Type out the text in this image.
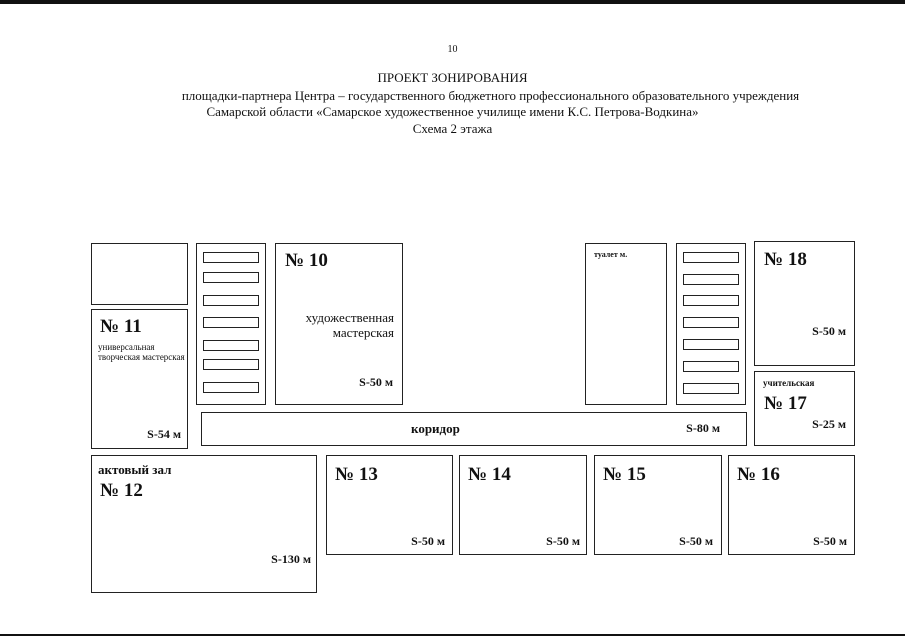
10
ПРОЕКТ ЗОНИРОВАНИЯ
площадки-партнера Центра – государственного бюджетного профессионального образовательного учреждения
Самарской области «Самарское художественное училище имени К.С. Петрова-Водкина»
Схема 2 этажа
№ 11
универсальная творческая мастерская
S-54 м
№ 10
художественная мастерская
S-50 м
туалет м.	№ 18
S-50 м
учительская
№ 17
S-25 м
коридор	S-80 м
актовый зал
№ 12
S-130 м
№ 13
S-50 м
№ 14
S-50 м
№ 15
S-50 м
№ 16
S-50 м
